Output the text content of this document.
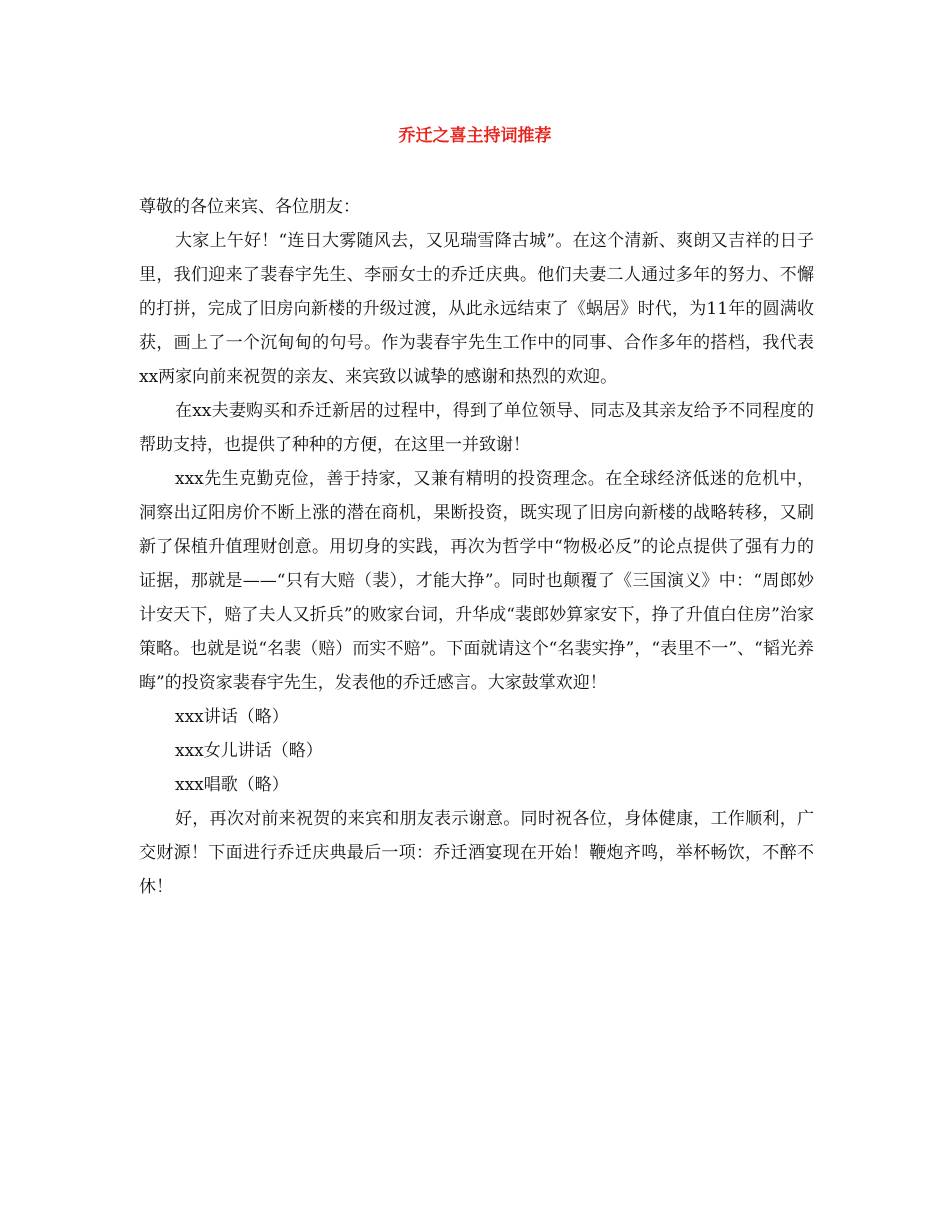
乔迁之喜主持词推荐

尊敬的各位来宾、各位朋友：

大家上午好！“连日大雾随风去，又见瑞雪降古城”。在这个清新、爽朗又吉祥的日子里，我们迎来了裴春宇先生、李丽女士的乔迁庆典。他们夫妻二人通过多年的努力、不懈的打拼，完成了旧房向新楼的升级过渡，从此永远结束了《蜗居》时代，为11年的圆满收获，画上了一个沉甸甸的句号。作为裴春宇先生工作中的同事、合作多年的搭档，我代表xx两家向前来祝贺的亲友、来宾致以诚挚的感谢和热烈的欢迎。

在xx夫妻购买和乔迁新居的过程中，得到了单位领导、同志及其亲友给予不同程度的帮助支持，也提供了种种的方便，在这里一并致谢！

xxx先生克勤克俭，善于持家，又兼有精明的投资理念。在全球经济低迷的危机中，洞察出辽阳房价不断上涨的潜在商机，果断投资，既实现了旧房向新楼的战略转移，又刷新了保植升值理财创意。用切身的实践，再次为哲学中“物极必反”的论点提供了强有力的证据，那就是——“只有大赔（裴），才能大挣”。同时也颠覆了《三国演义》中：“周郎妙计安天下，赔了夫人又折兵”的败家台词，升华成“裴郎妙算家安下，挣了升值白住房”治家策略。也就是说“名裴（赔）而实不赔”。下面就请这个“名裴实挣”，“表里不一”、“韬光养晦”的投资家裴春宇先生，发表他的乔迁感言。大家鼓掌欢迎！

xxx讲话（略）

xxx女儿讲话（略）

xxx唱歌（略）

好，再次对前来祝贺的来宾和朋友表示谢意。同时祝各位，身体健康，工作顺利，广交财源！下面进行乔迁庆典最后一项：乔迁酒宴现在开始！鞭炮齐鸣，举杯畅饮，不醉不休！
